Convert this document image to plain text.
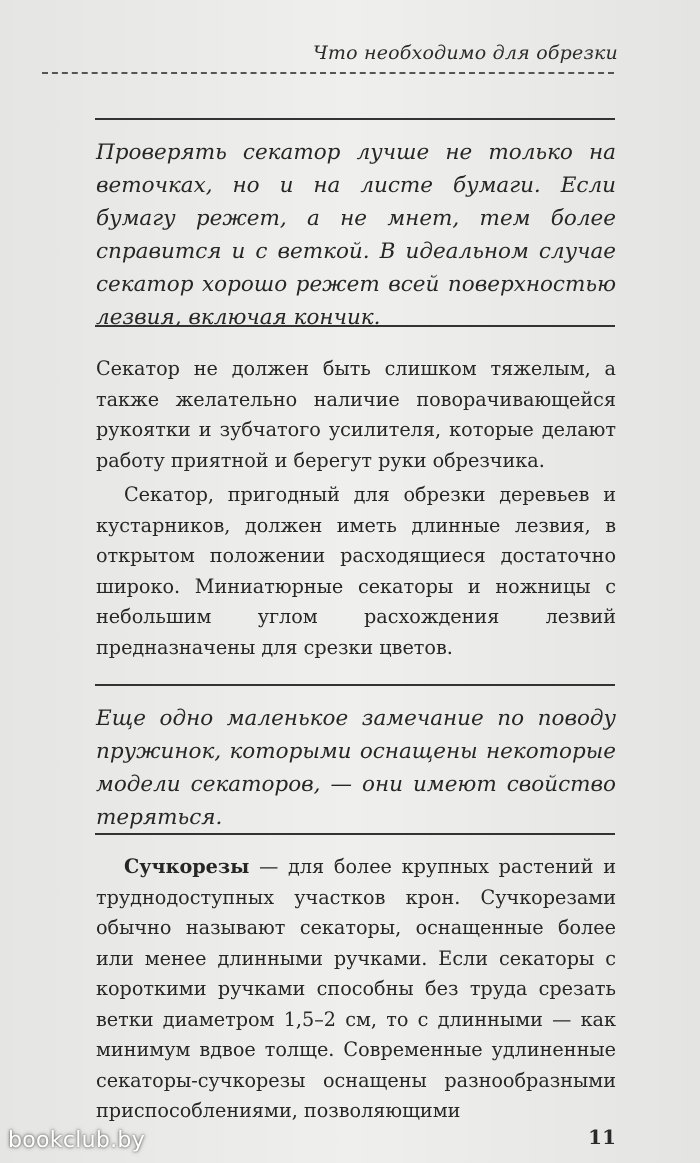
Что необходимо для обрезки
Проверять секатор лучше не только на веточках, но и на листе бумаги. Если бумагу режет, а не мнет, тем более справится и с веткой. В идеальном случае секатор хорошо режет всей поверхностью лезвия, включая кончик.
Секатор не должен быть слишком тяжелым, а также желательно наличие поворачивающейся рукоятки и зубчатого усилителя, которые делают работу приятной и берегут руки обрезчика.
Секатор, пригодный для обрезки деревьев и кустарников, должен иметь длинные лезвия, в открытом положении расходящиеся достаточно широко. Миниатюрные секаторы и ножницы с небольшим углом расхождения лезвий предназначены для срезки цветов.
Еще одно маленькое замечание по поводу пружинок, которыми оснащены некоторые модели секаторов, — они имеют свойство теряться.
Сучкорезы — для более крупных растений и труднодоступных участков крон. Сучкорезами обычно называют секаторы, оснащенные более или менее длинными ручками. Если секаторы с короткими ручками способны без труда срезать ветки диаметром 1,5–2 см, то с длинными — как минимум вдвое толще. Современные удлиненные секаторы-сучкорезы оснащены разнообразными приспособлениями, позволяющими
bookclub.by	11
